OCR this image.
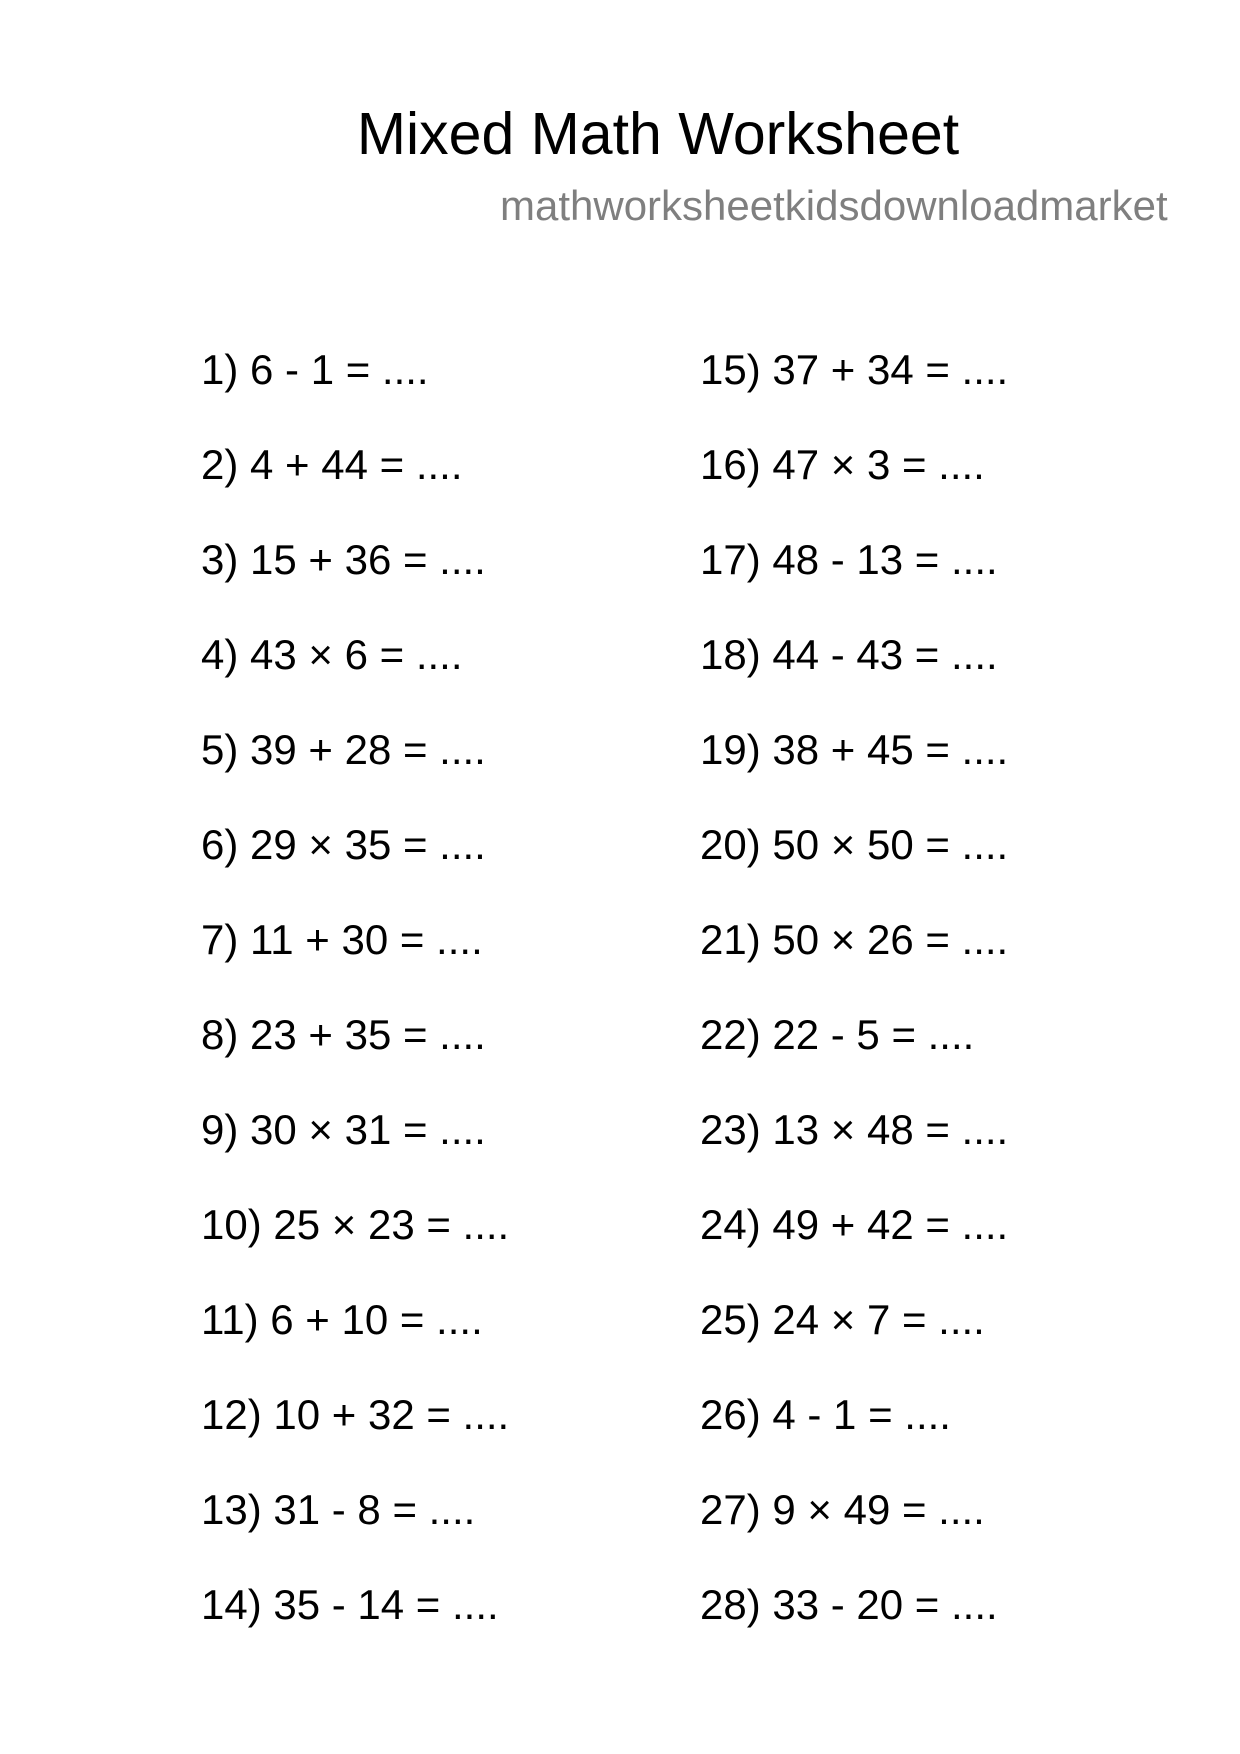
Mixed Math Worksheet
mathworksheetkidsdownloadmarket
1) 6 - 1 = ....
2) 4 + 44 = ....
3) 15 + 36 = ....
4) 43 × 6 = ....
5) 39 + 28 = ....
6) 29 × 35 = ....
7) 11 + 30 = ....
8) 23 + 35 = ....
9) 30 × 31 = ....
10) 25 × 23 = ....
11) 6 + 10 = ....
12) 10 + 32 = ....
13) 31 - 8 = ....
14) 35 - 14 = ....
15) 37 + 34 = ....
16) 47 × 3 = ....
17) 48 - 13 = ....
18) 44 - 43 = ....
19) 38 + 45 = ....
20) 50 × 50 = ....
21) 50 × 26 = ....
22) 22 - 5 = ....
23) 13 × 48 = ....
24) 49 + 42 = ....
25) 24 × 7 = ....
26) 4 - 1 = ....
27) 9 × 49 = ....
28) 33 - 20 = ....
